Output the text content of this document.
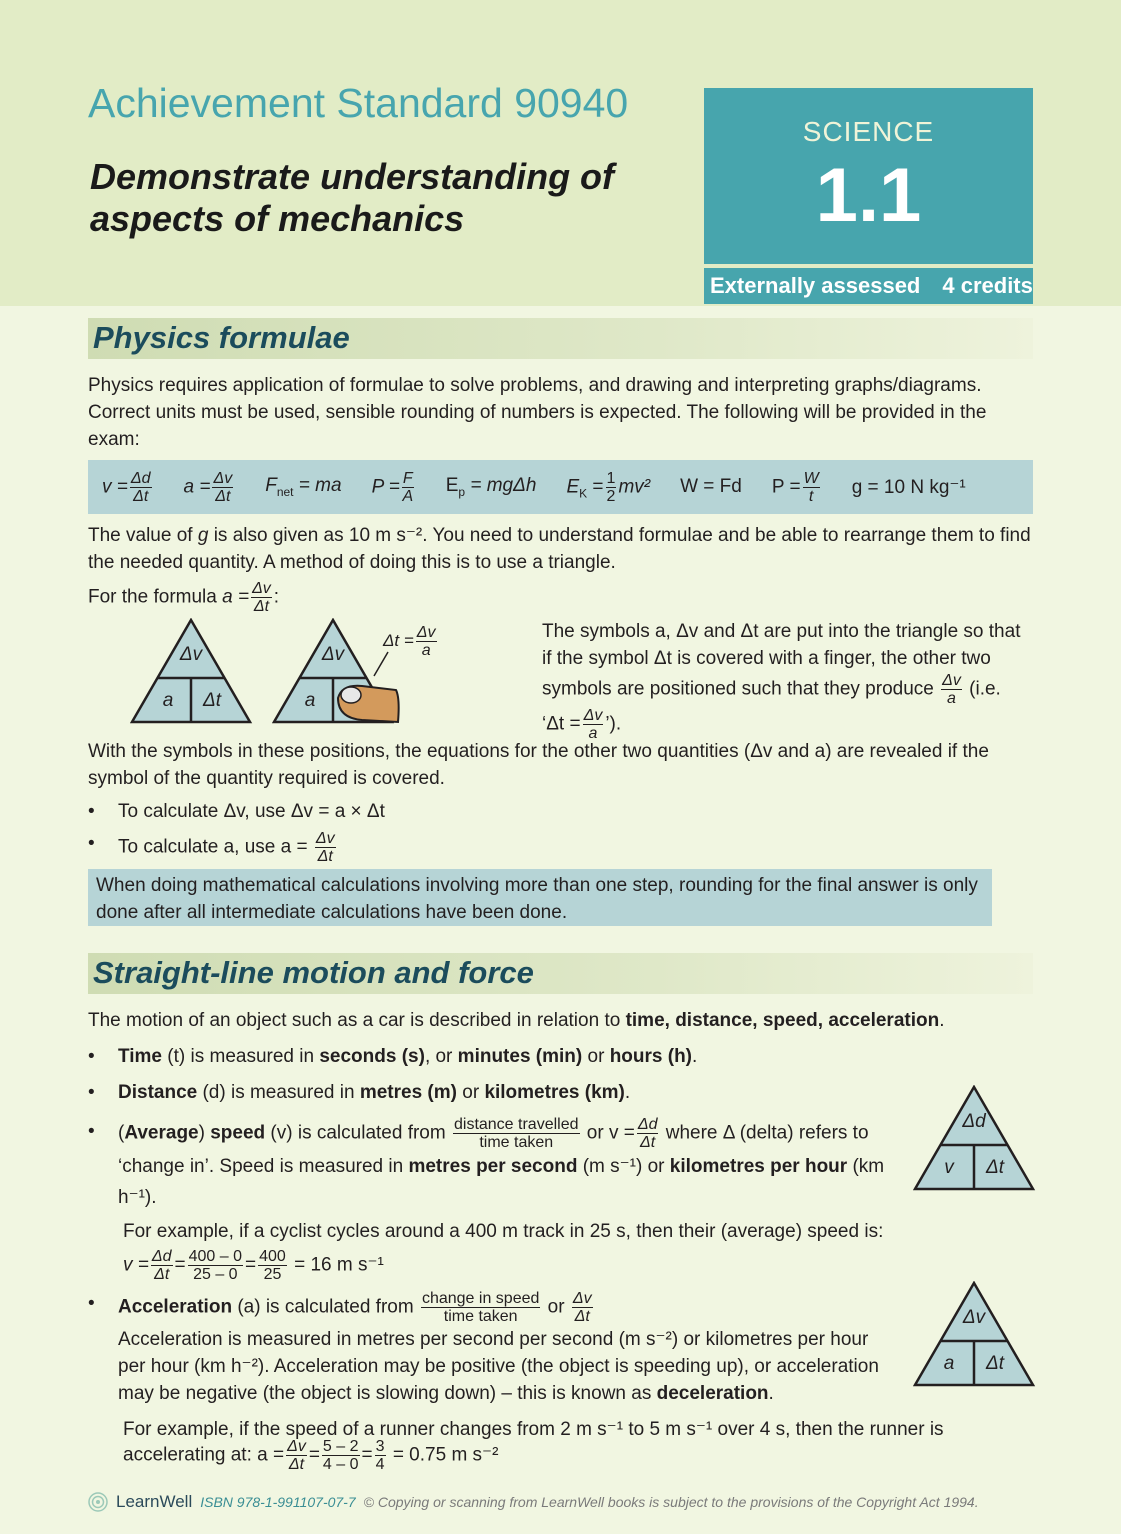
Achievement Standard 90940
Demonstrate understanding of
aspects of mechanics
SCIENCE
1.1
Externally assessed 4 credits
Physics formulae
Physics requires application of formulae to solve problems, and drawing and interpreting graphs/diagrams. Correct units must be used, sensible rounding of numbers is expected. The following will be provided in the exam:
$v = \frac{\Delta d}{\Delta t}$ $a = \frac{\Delta v}{\Delta t} F_{net}$ = ma $P = \frac{F}{A} E_p = mg\Delta h$ $E_K = \frac{1}{2} mv^2$ W = Fd $P = \frac{W}{t}$ g = 10 N kg⁻¹
The value of g is also given as 10 m s⁻². You need to understand formulae and be able to rearrange them to find the needed quantity. A method of doing this is to use a triangle.
For the formula $a = \frac{\Delta v}{\Delta t}$ :
Δv
a Δt
Δv
a
$\Delta t = \frac{\Delta v}{a}$	The symbols a, Δv and Δt are put into the triangle so that if the symbol Δt is covered with a finger, the other two symbols are positioned such that they produce $\frac{\Delta v}{a} (i.e$. ‘$\Delta t = \frac{\Delta v}{a}$ ’).
With the symbols in these positions, the equations for the other two quantities (Δv and a) are revealed if the symbol of the quantity required is covered.
• To calculate Δv, use Δv = a × Δt
• To calculate a, use $a = \frac{\Delta v}{\Delta t}$
When doing mathematical calculations involving more than one step, rounding for the final answer is only done after all intermediate calculations have been done.
Straight-line motion and force
The motion of an object such as a car is described in relation to time, distance, speed, acceleration.
• Time (t) is measured in seconds (s), or minutes (min) or hours (h).
• Distance (d) is measured in metres (m) or kilometres (km).
• (Average) speed (v) is calculated from $\frac{\text{distance travelled}}{\text{time taken}}$ or $v = \frac{\Delta d}{\Delta t}$ where Δ (delta) refers to ‘change in’. Speed is measured in metres per second (m s⁻¹) or kilometres per hour (km h⁻¹).
Δd
v Δt
For example, if a cyclist cycles around a 400 m track in 25 s, then their (average) speed is:
$v = \frac{\Delta d}{\Delta t} = \frac{400 - 0}{25 - 0} = \frac{400}{25} = 16$ m s⁻¹
• Acceleration (a) is calculated from $\frac{\text{change in speed}}{\text{time taken}}$ or $\frac{\Delta v}{\Delta t}$
Acceleration is measured in metres per second per second (m s⁻²) or kilometres per hour per hour (km h⁻²). Acceleration may be positive (the object is speeding up), or acceleration may be negative (the object is slowing down) – this is known as deceleration.
Δv
a Δt
For example, if the speed of a runner changes from 2 m s⁻¹ to 5 m s⁻¹ over 4 s, then the runner is
accelerating at: $a = \frac{\Delta v}{\Delta t} = \frac{5 - 2}{4 - 0} = \frac{3}{4} = 0.75$ m s⁻²
LearnWell ISBN 978-1-991107-07-7 © Copying or scanning from LearnWell books is subject to the provisions of the Copyright Act 1994.
